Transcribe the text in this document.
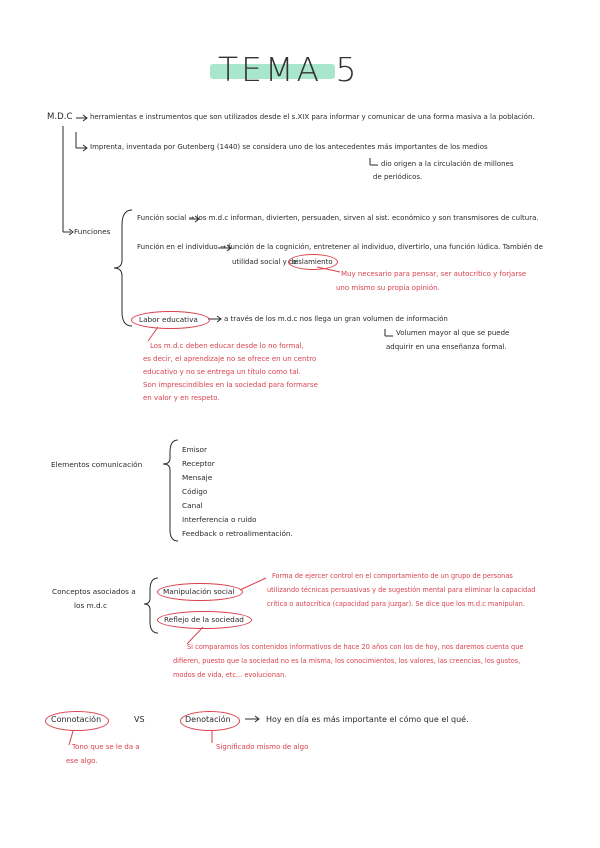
TEMA 5
M.D.C	herramientas e instrumentos que son utilizados desde el s.XIX para informar y comunicar de una forma masiva a la población.
Imprenta, inventada por Gutenberg (1440) se considera uno de los antecedentes más importantes de los medios
dio origen a la circulación de millones
de periódicos.
Funciones
Función social → los m.d.c informan, divierten, persuaden, sirven al sist. económico y son transmisores de cultura.
Función en el individuo → función de la cognición, entretener al individuo, divertirlo, una función lúdica. También de
utilidad social y de
aislamiento
Muy necesario para pensar, ser autocrítico y forjarse
uno mismo su propia opinión.
Labor educativa	a través de los m.d.c nos llega un gran volumen de información
Volumen mayor al que se puede
adquirir en una enseñanza formal.
Los m.d.c deben educar desde lo no formal,
es decir, el aprendizaje no se ofrece en un centro
educativo y no se entrega un título como tal.
Son imprescindibles en la sociedad para formarse
en valor y en respeto.
Elementos comunicación
Emisor
Receptor
Mensaje
Código
Canal
Interferencia o ruido
Feedback o retroalimentación.
Conceptos asociados a
los m.d.c
Manipulación social
Forma de ejercer control en el comportamiento de un grupo de personas
utilizando técnicas persuasivas y de sugestión mental para eliminar la capacidad
crítica o autocrítica (capacidad para juzgar). Se dice que los m.d.c manipulan.
Reflejo de la sociedad
Si comparamos los contenidos informativos de hace 20 años con los de hoy, nos daremos cuenta que
difieren, puesto que la sociedad no es la misma, los conocimientos, los valores, las creencias, los gustos,
modos de vida, etc... evolucionan.
Connotación	VS	Denotación	Hoy en día es más importante el cómo que el qué.
Tono que se le da a
ese algo.
Significado mismo de algo
